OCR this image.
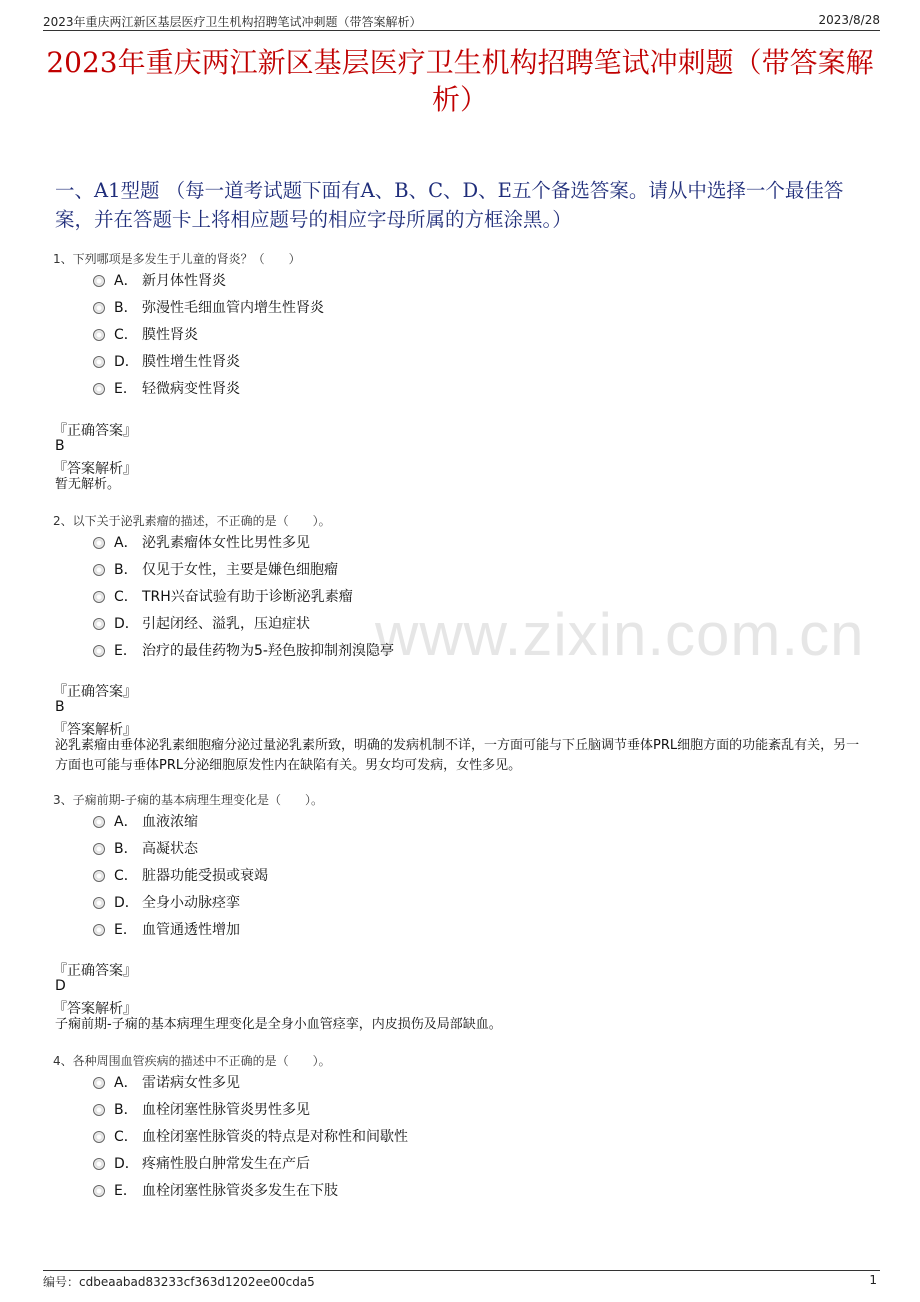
2023年重庆两江新区基层医疗卫生机构招聘笔试冲刺题（带答案解析）	2023/8/28
2023年重庆两江新区基层医疗卫生机构招聘笔试冲刺题（带答案解析）
一、A1型题 （每一道考试题下面有A、B、C、D、E五个备选答案。请从中选择一个最佳答案，并在答题卡上将相应题号的相应字母所属的方框涂黑。）
www.zixin.com.cn
1、下列哪项是多发生于儿童的肾炎？（　　）
A． 新月体性肾炎
B． 弥漫性毛细血管内增生性肾炎
C． 膜性肾炎
D． 膜性增生性肾炎
E． 轻微病变性肾炎
『正确答案』
B
『答案解析』
暂无解析。
2、以下关于泌乳素瘤的描述，不正确的是（　　）。
A． 泌乳素瘤体女性比男性多见
B． 仅见于女性，主要是嫌色细胞瘤
C． TRH兴奋试验有助于诊断泌乳素瘤
D． 引起闭经、溢乳，压迫症状
E． 治疗的最佳药物为5-羟色胺抑制剂溴隐亭
『正确答案』
B
『答案解析』
泌乳素瘤由垂体泌乳素细胞瘤分泌过量泌乳素所致，明确的发病机制不详，一方面可能与下丘脑调节垂体PRL细胞方面的功能紊乱有关，另一方面也可能与垂体PRL分泌细胞原发性内在缺陷有关。男女均可发病，女性多见。
3、子痫前期-子痫的基本病理生理变化是（　　）。
A． 血液浓缩
B． 高凝状态
C． 脏器功能受损或衰竭
D． 全身小动脉痉挛
E． 血管通透性增加
『正确答案』
D
『答案解析』
子痫前期-子痫的基本病理生理变化是全身小血管痉挛，内皮损伤及局部缺血。
4、各种周围血管疾病的描述中不正确的是（　　）。
A． 雷诺病女性多见
B． 血栓闭塞性脉管炎男性多见
C． 血栓闭塞性脉管炎的特点是对称性和间歇性
D． 疼痛性股白肿常发生在产后
E． 血栓闭塞性脉管炎多发生在下肢
编号：cdbeaabad83233cf363d1202ee00cda5	1
